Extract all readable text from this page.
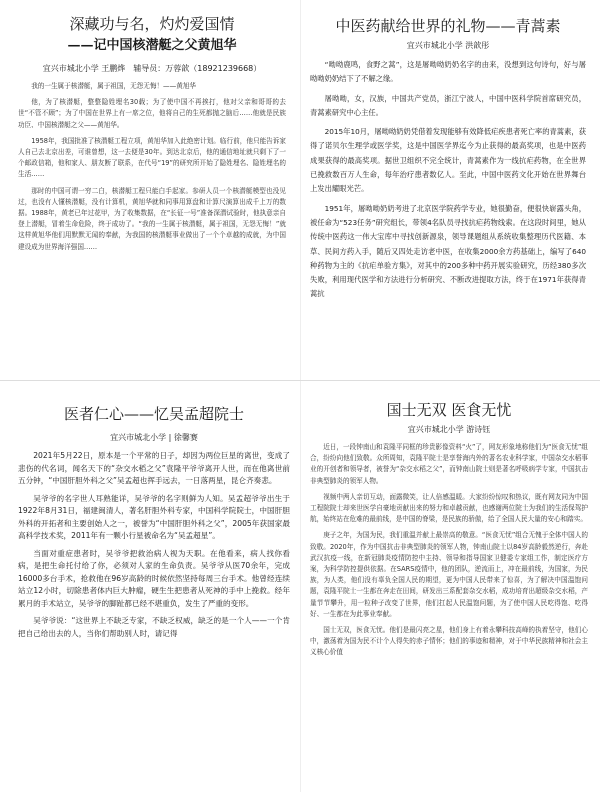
深藏功与名，灼灼爱国情
——记中国核潜艇之父黄旭华
宜兴市城北小学 王鹏烨　辅导员：万蓉歆（18921239668）

我的一生属于核潜艇，属于祖国，无怨无悔！——黄旭华

他，为了核潜艇，整整隐姓埋名30载；为了使中国不再挨打，他对父亲和哥哥的去世“不管不顾”；为了中国在世界上有一席之位，他将自己的生死都抛之脑后……他就是民族功臣、中国核潜艇之父——黄旭华。

1958年，我国批准了核潜艇工程立项，黄旭华加入此绝密计划。临行前，他只能告诉家人自己去北京出差，可谁曾想，这一去便是30年。到达北京后，他的通信地址就只剩下了一个邮政信箱，他和家人、朋友断了联系，在代号“19”的研究所开始了隐姓埋名、隐姓埋名的生活……

那时的中国可谓一穷二白，核潜艇工程只能白手起家。参研人员一个核潜艇模型也没见过，也没有人懂核潜艇，没有计算机，黄旭华就和同事用算盘和计算尺演算出成千上万的数据。1988年，黄老已年过花甲，为了收集数据，在“长征一号”准备深潜试验时，他执意亲自登上潜艇，冒着生命危险，终于成功了。“我的一生属于核潜艇，属于祖国，无怨无悔！”就这样黄旭华他们用默默无闻的奉献，为我国的核潜艇事业做出了一个个卓越的成就，为中国建设成为世界海洋强国……

中医药献给世界的礼物——青蒿素
宜兴市城北小学 洪歆彤

“呦呦鹿鸣，食野之蒿”，这是屠呦呦奶奶名字的由来，没想到这句诗句，好与屠呦呦奶奶结下了不解之缘。

屠呦呦，女，汉族，中国共产党员，浙江宁波人，中国中医科学院首席研究员，青蒿素研究中心主任。

2015年10月，屠呦呦奶奶凭借着发现能够有效降低疟疾患者死亡率的青蒿素，获得了诺贝尔生理学或医学奖，这是中国医学界迄今为止获得的最高奖项，也是中医药成果获得的最高奖项。据世卫组织不完全统计，青蒿素作为一线抗疟药物，在全世界已挽救数百万人生命，每年治疗患者数亿人。至此，中国中医药文化开始在世界舞台上发出耀眼光芒。

1951年，屠呦呦奶奶考进了北京医学院药学专业，她很勤奋，便很快崭露头角，被任命为“523任务”研究组长，带领4名队员寻找抗疟药物线索。在这段时间里，她从传统中医药这一伟大宝库中寻找创新源泉，领导课题组从系统收集整理历代医籍、本草、民间方药入手，随后又四处走访老中医，在收集2000余方药基础上，编写了640种药物为主的《抗疟单验方集》，对其中的200多种中药开展实验研究，历经380多次失败，利用现代医学和方法进行分析研究、不断改进提取方法，终于在1971年获得青蒿抗

医者仁心——忆吴孟超院士
宜兴市城北小学 | 徐馨赛

2021年5月22日，原本是一个平常的日子，却因为两位巨星的离世，变成了悲伤的代名词，闻名天下的“杂交水稻之父”袁隆平爷爷离开人世，而在他离世前五分钟，“中国肝胆外科之父”吴孟超也挥手远去，一日落两星，昆仑齐奏悲。

吴爷爷的名字世人耳熟能详，吴爷爷的名字则鲜为人知。吴孟超爷爷出生于1922年8月31日，福建闽清人，著名肝胆外科专家，中国科学院院士，中国肝胆外科的开拓者和主要创始人之一，被誉为“中国肝胆外科之父”，2005年获国家最高科学技术奖，2011年有一颗小行星被命名为“吴孟超星”。

当面对重症患者时，吴爷爷把救治病人视为天职。在他看来，病人找你看病，是把生命托付给了你，必须对人家的生命负责。吴爷爷从医70余年，完成16000多台手术，抢救他在96岁高龄的时候依然坚持每周三台手术。他曾经连续站立12小时，切除患者体内巨大肿瘤，硬生生把患者从死神的手中上挽救。经年累月的手术站立，吴爷爷的脚趾都已经不堪重负，发生了严重的变形。

吴爷爷说：“这世界上不缺乏专家，不缺乏权威，缺乏的是一个人——一个肯把自己给出去的人，当你们帮助别人时，请记得

国士无双 医食无忧
宜兴市城北小学 游诗钰

近日，一段钟南山和袁隆平同框的珍贵影像资料“火”了，网友形象地称他们为“医食无忧”组合，纷纷向他们致敬。众所周知，袁隆平院士是享誉海内外的著名农业科学家，中国杂交水稻事业的开创者和领导者，被誉为“杂交水稻之父”，而钟南山院士则是著名呼吸病学专家，中国抗击非典型肺炎的领军人物。

视频中两人亲切互动，面露微笑，让人倍感温暖。大家纷纷惊叹和热议，既有网友同为中国工程院院士却来世医学自豪地贡献出来的努力和卓越贡献，也感谢两位院士为我们的生活保驾护航，始终站在危难的最前线，是中国的脊梁，是民族的骄傲，给了全国人民大量的安心和踏实。

庚子之年，为国为民，我们重温并献上最崇高的敬意。“医食无忧”组合无愧于全体中国人的致敬。2020年，作为中国抗击非典型肺炎的领军人物，钟南山院士以84岁高龄毅然逆行，奔赴武汉抗疫一线，在新冠肺炎疫情防控中主持、领导和指导国家卫健委专家组工作，制定医疗方案，为科学防控提供依据。在SARS疫情中，他的团队，逆流而上，冲在最前线，为国家，为民族，为人类，他们没有辜负全国人民的期望，更为中国人民带来了惊喜，为了解决中国温饱问题，袁隆平院士一生都在奔走在田间，研发出三系配套杂交水稻，成功培育出超级杂交水稻，产量节节攀升，用一粒种子改变了世界，他们扛起人民温饱问题，为了使中国人民吃得饱、吃得好、一生都在为此事业奉献。

国士无双，医食无忧。他们是最闪亮之星，他们身上有着永攀科技高峰的执着坚守，他们心中，激荡着为国为民不计个人得失的赤子情怀；他们的事迹和精神，对于中华民族精神和社会主义核心价值
